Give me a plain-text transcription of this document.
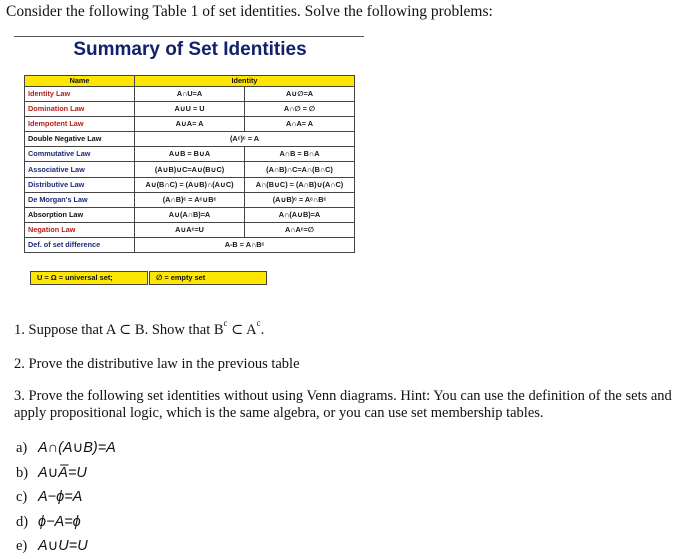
Consider the following Table 1 of set identities. Solve the following problems:
Summary of Set Identities
Name	Identity	
Identity Law	A∩U=A	A∪∅=A
Domination Law	A∪U = U	A∩∅ = ∅
Idempotent Law	A∪A= A	A∩A= A
Double Negative Law	(Aᶜ)ᶜ = A	
Commutative Law	A∪B = B∪A	A∩B = B∩A
Associative Law	(A∪B)∪C=A∪(B∪C)	(A∩B)∩C=A∩(B∩C)
Distributive Law	A∪(B∩C) = (A∪B)∩(A∪C)	A∩(B∪C) = (A∩B)∪(A∩C)
De Morgan's Law	(A∩B)ᶜ = Aᶜ∪Bᶜ	(A∪B)ᶜ = Aᶜ∩Bᶜ
Absorption Law	A∪(A∩B)=A	A∩(A∪B)=A
Negation Law	A∪Aᶜ=U	A∩Aᶜ=∅
Def. of set difference	A-B = A∩Bᶜ	
U = Ω = universal set;	∅ = empty set
1. Suppose that A ⊂ B. Show that $B^c$ ⊂ $A^c$.
2. Prove the distributive law in the previous table
3. Prove the following set identities without using Venn diagrams. Hint: You can use the definition of the sets and apply propositional logic, which is the same algebra, or you can use set membership tables.
a) A∩(A∪B)=A
b) A∪A̅=U
c) A−ϕ=A
d) ϕ−A=ϕ
e) A∪U=U
